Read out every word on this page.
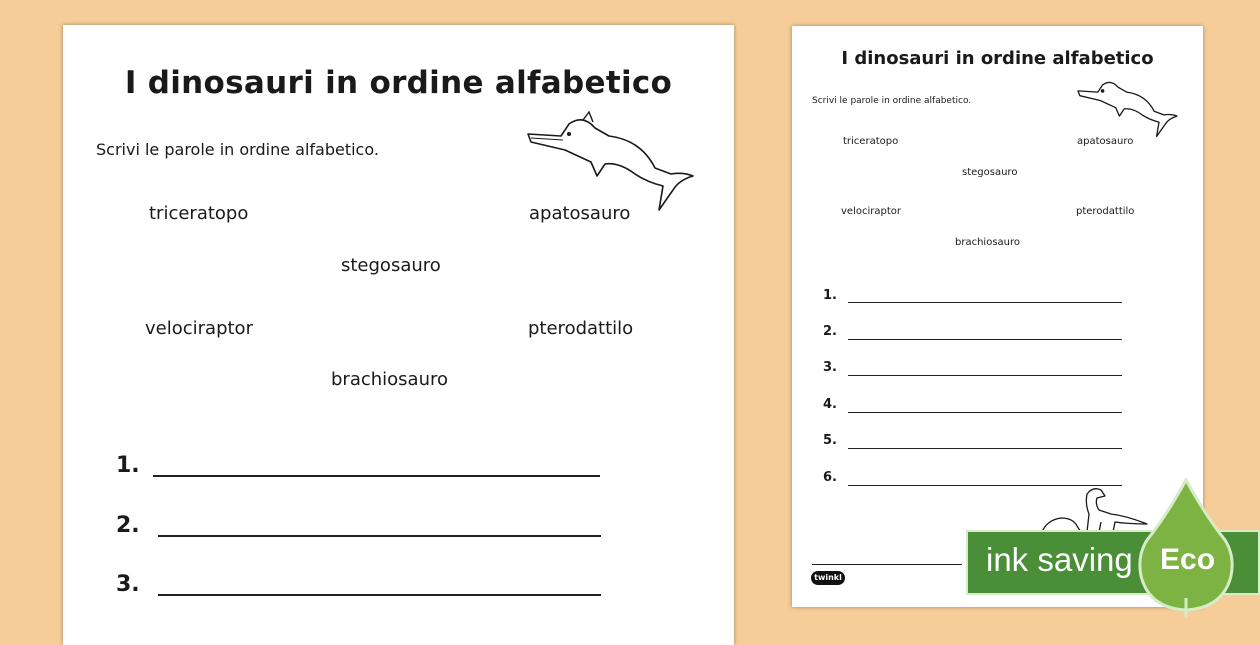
I dinosauri in ordine alfabetico
Scrivi le parole in ordine alfabetico.
triceratopo	apatosauro
stegosauro
velociraptor	pterodattilo
brachiosauro
1.
2.
3.
I dinosauri in ordine alfabetico
Scrivi le parole in ordine alfabetico.
triceratopo	apatosauro
stegosauro
velociraptor	pterodattilo
brachiosauro
1.
2.
3.
4.
5.
6.
twinkl	ink saving Eco
